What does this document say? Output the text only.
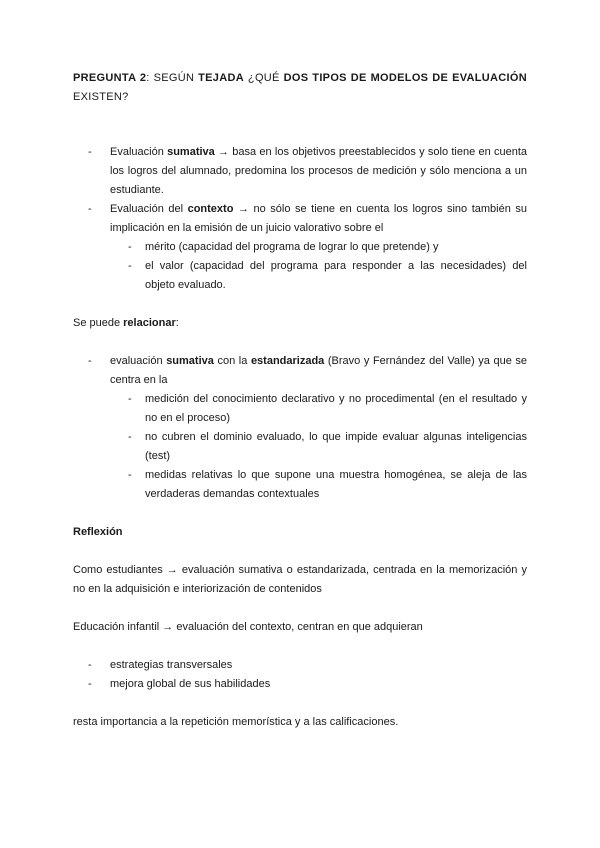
PREGUNTA 2: SEGÚN TEJADA ¿QUÉ DOS TIPOS DE MODELOS DE EVALUACIÓN EXISTEN?

- Evaluación sumativa → basa en los objetivos preestablecidos y solo tiene en cuenta los logros del alumnado, predomina los procesos de medición y sólo menciona a un estudiante.
- Evaluación del contexto → no sólo se tiene en cuenta los logros sino también su implicación en la emisión de un juicio valorativo sobre el
- mérito (capacidad del programa de lograr lo que pretende) y
- el valor (capacidad del programa para responder a las necesidades) del objeto evaluado.

Se puede relacionar:

- evaluación sumativa con la estandarizada (Bravo y Fernández del Valle) ya que se centra en la
- medición del conocimiento declarativo y no procedimental (en el resultado y no en el proceso)
- no cubren el dominio evaluado, lo que impide evaluar algunas inteligencias (test)
- medidas relativas lo que supone una muestra homogénea, se aleja de las verdaderas demandas contextuales

Reflexión

Como estudiantes → evaluación sumativa o estandarizada, centrada en la memorización y no en la adquisición e interiorización de contenidos

Educación infantil → evaluación del contexto, centran en que adquieran

- estrategias transversales
- mejora global de sus habilidades

resta importancia a la repetición memorística y a las calificaciones.
